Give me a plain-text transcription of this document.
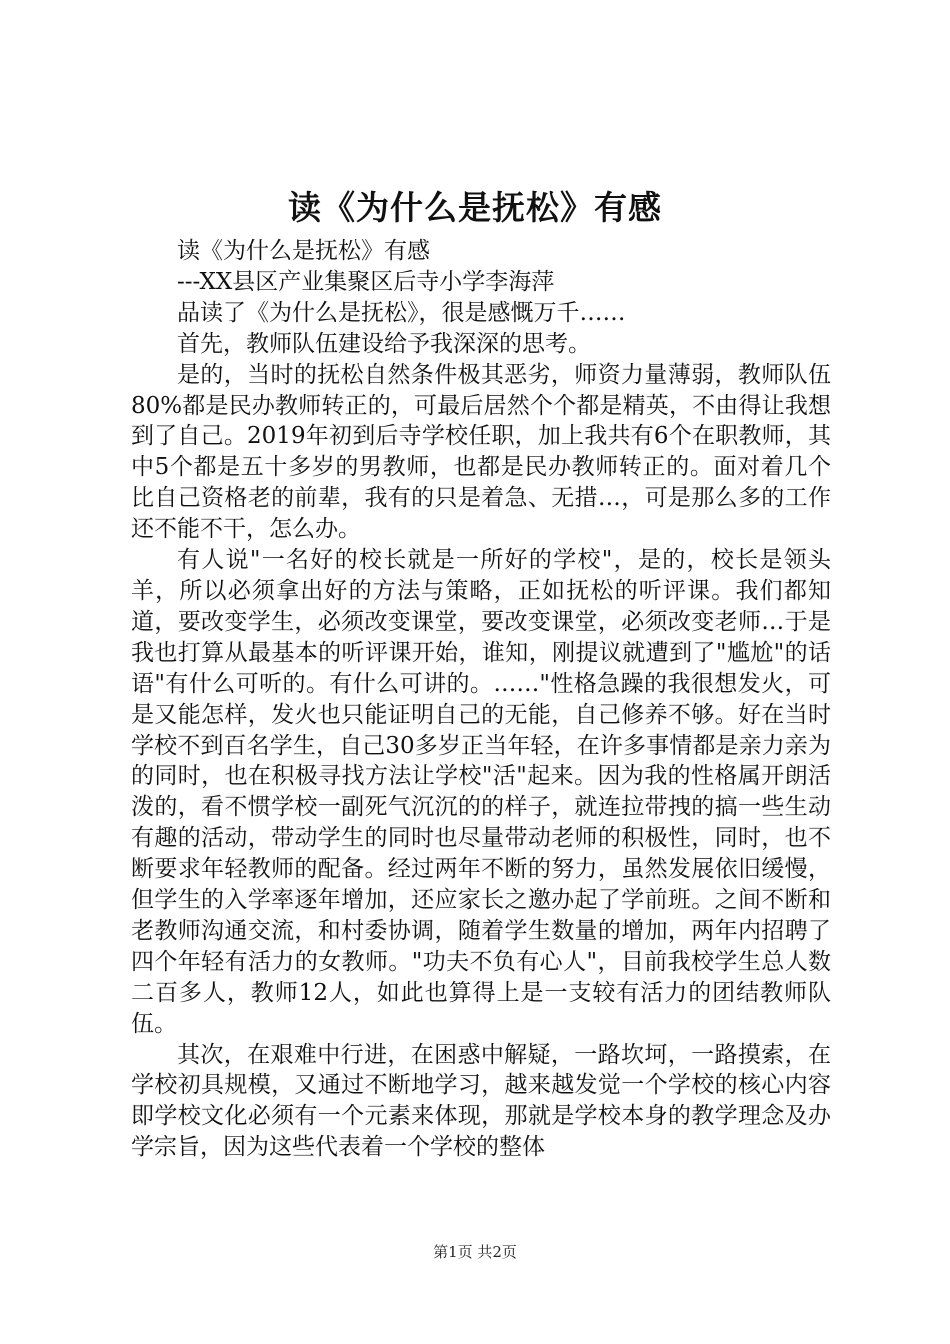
读《为什么是抚松》有感

读《为什么是抚松》有感

---XX县区产业集聚区后寺小学李海萍

品读了《为什么是抚松》，很是感慨万千……

首先，教师队伍建设给予我深深的思考。

是的，当时的抚松自然条件极其恶劣，师资力量薄弱，教师队伍80%都是民办教师转正的，可最后居然个个都是精英，不由得让我想到了自己。2019年初到后寺学校任职，加上我共有6个在职教师，其中5个都是五十多岁的男教师，也都是民办教师转正的。面对着几个比自己资格老的前辈，我有的只是着急、无措…，可是那么多的工作还不能不干，怎么办。

有人说"一名好的校长就是一所好的学校"，是的，校长是领头羊，所以必须拿出好的方法与策略，正如抚松的听评课。我们都知道，要改变学生，必须改变课堂，要改变课堂，必须改变老师…于是我也打算从最基本的听评课开始，谁知，刚提议就遭到了"尴尬"的话语"有什么可听的。有什么可讲的。……"性格急躁的我很想发火，可是又能怎样，发火也只能证明自己的无能，自己修养不够。好在当时学校不到百名学生，自己30多岁正当年轻，在许多事情都是亲力亲为的同时，也在积极寻找方法让学校"活"起来。因为我的性格属开朗活泼的，看不惯学校一副死气沉沉的的样子，就连拉带拽的搞一些生动有趣的活动，带动学生的同时也尽量带动老师的积极性，同时，也不断要求年轻教师的配备。经过两年不断的努力，虽然发展依旧缓慢，但学生的入学率逐年增加，还应家长之邀办起了学前班。之间不断和老教师沟通交流，和村委协调，随着学生数量的增加，两年内招聘了四个年轻有活力的女教师。"功夫不负有心人"，目前我校学生总人数二百多人，教师12人，如此也算得上是一支较有活力的团结教师队伍。

其次，在艰难中行进，在困惑中解疑，一路坎坷，一路摸索，在学校初具规模，又通过不断地学习，越来越发觉一个学校的核心内容即学校文化必须有一个元素来体现，那就是学校本身的教学理念及办学宗旨，因为这些代表着一个学校的整体

第1页 共2页
